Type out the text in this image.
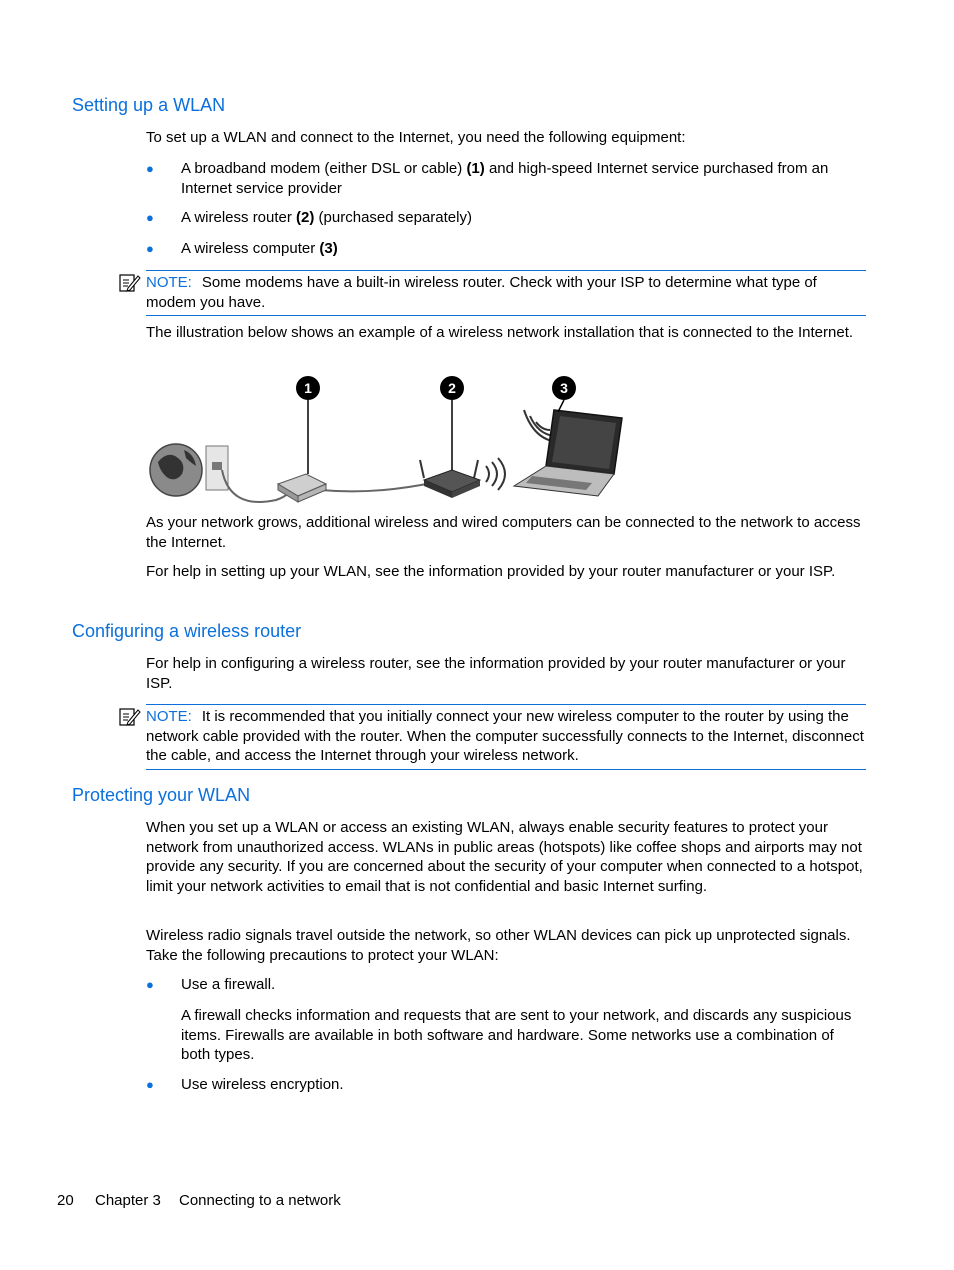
Setting up a WLAN

To set up a WLAN and connect to the Internet, you need the following equipment:

● A broadband modem (either DSL or cable) (1) and high-speed Internet service purchased from an Internet service provider
● A wireless router (2) (purchased separately)
● A wireless computer (3)
NOTE: Some modems have a built-in wireless router. Check with your ISP to determine what type of modem you have.

The illustration below shows an example of a wireless network installation that is connected to the Internet.

1	2	3

As your network grows, additional wireless and wired computers can be connected to the network to access the Internet.

For help in setting up your WLAN, see the information provided by your router manufacturer or your ISP.

Configuring a wireless router

For help in configuring a wireless router, see the information provided by your router manufacturer or your ISP.

NOTE: It is recommended that you initially connect your new wireless computer to the router by using the network cable provided with the router. When the computer successfully connects to the Internet, disconnect the cable, and access the Internet through your wireless network.
Protecting your WLAN

When you set up a WLAN or access an existing WLAN, always enable security features to protect your network from unauthorized access. WLANs in public areas (hotspots) like coffee shops and airports may not provide any security. If you are concerned about the security of your computer when connected to a hotspot, limit your network activities to email that is not confidential and basic Internet surfing.

Wireless radio signals travel outside the network, so other WLAN devices can pick up unprotected signals. Take the following precautions to protect your WLAN:

● Use a firewall.

A firewall checks information and requests that are sent to your network, and discards any suspicious items. Firewalls are available in both software and hardware. Some networks use a combination of both types.

● Use wireless encryption.
20 Chapter 3 Connecting to a network
